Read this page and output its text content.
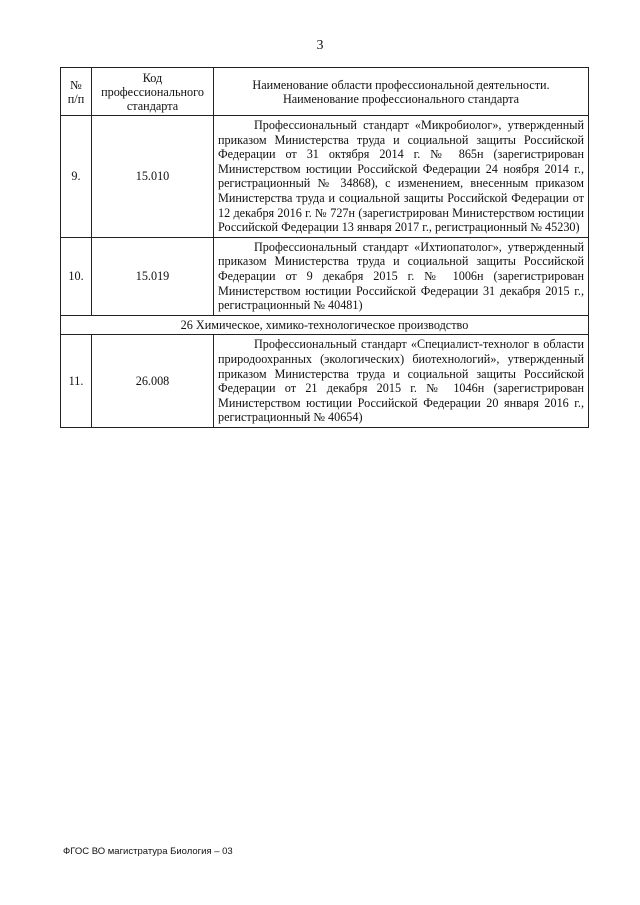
3
№ п/п	Код профессионального стандарта	Наименование области профессиональной деятельности. Наименование профессионального стандарта
9.	15.010	Профессиональный стандарт «Микробиолог», утвержденный приказом Министерства труда и социальной защиты Российской Федерации от 31 октября 2014 г. № 865н (зарегистрирован Министерством юстиции Российской Федерации 24 ноября 2014 г., регистрационный № 34868), с изменением, внесенным приказом Министерства труда и социальной защиты Российской Федерации от 12 декабря 2016 г. № 727н (зарегистрирован Министерством юстиции Российской Федерации 13 января 2017 г., регистрационный № 45230)
10.	15.019	Профессиональный стандарт «Ихтиопатолог», утвержденный приказом Министерства труда и социальной защиты Российской Федерации от 9 декабря 2015 г. № 1006н (зарегистрирован Министерством юстиции Российской Федерации 31 декабря 2015 г., регистрационный № 40481)
26 Химическое, химико-технологическое производство		
11.	26.008	Профессиональный стандарт «Специалист-технолог в области природоохранных (экологических) биотехнологий», утвержденный приказом Министерства труда и социальной защиты Российской Федерации от 21 декабря 2015 г. № 1046н (зарегистрирован Министерством юстиции Российской Федерации 20 января 2016 г., регистрационный № 40654)
ФГОС ВО магистратура Биология – 03
